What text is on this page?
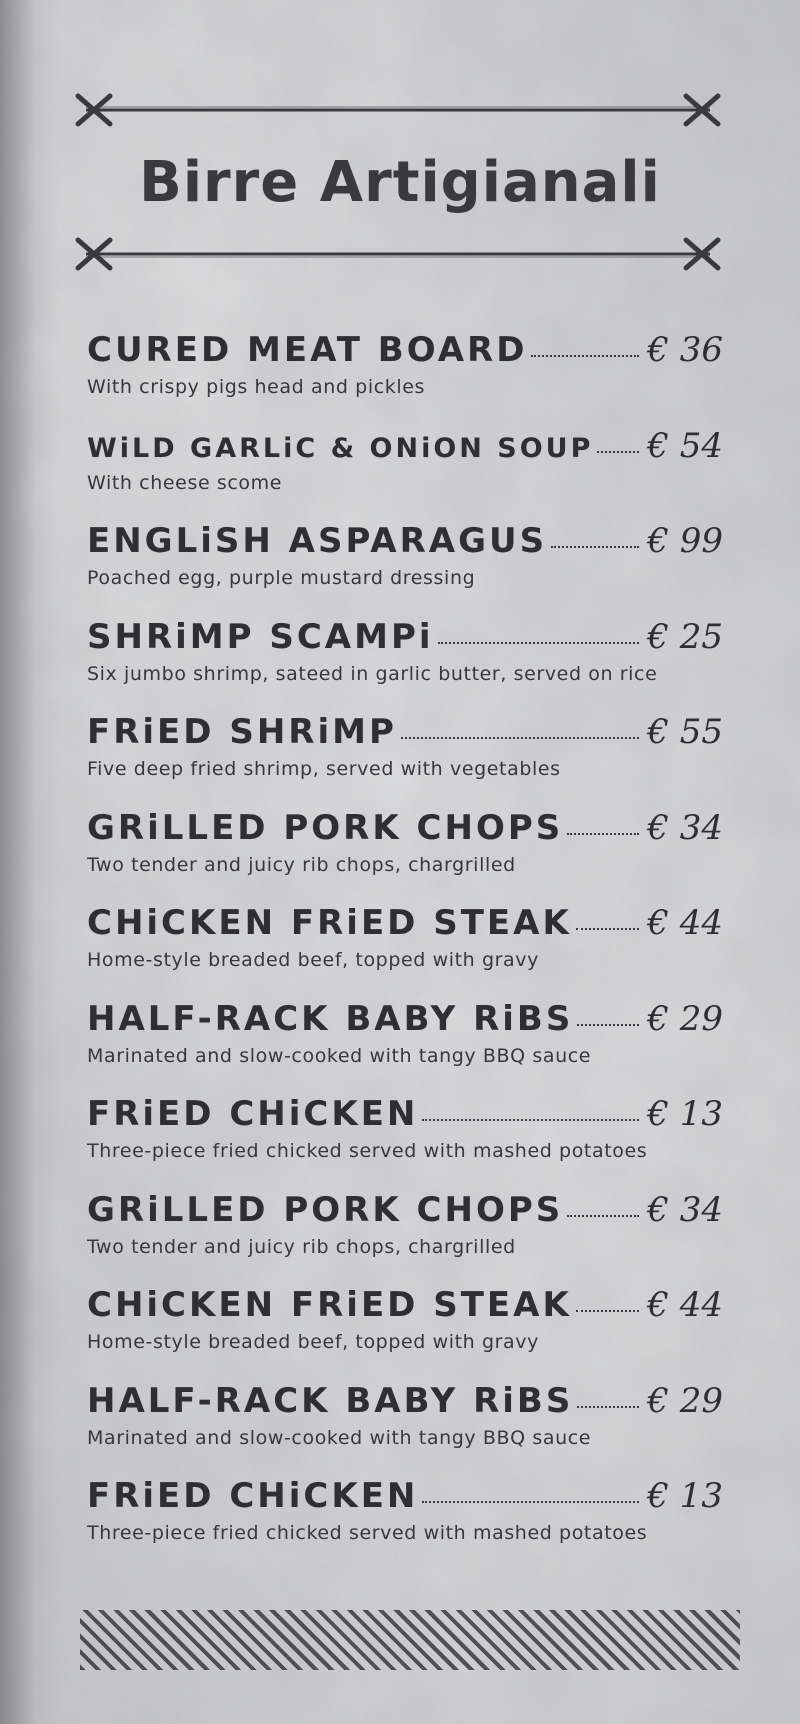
Birre Artigianali
CURED MEAT BOARD	€ 36
With crispy pigs head and pickles
WiLD GARLiC & ONiON SOUP € 54
With cheese scome
ENGLiSH ASPARAGUS	€ 99
Poached egg, purple mustard dressing
SHRiMP SCAMPi	€ 25
Six jumbo shrimp, sateed in garlic butter, served on rice
FRiED SHRiMP	€ 55
Five deep fried shrimp, served with vegetables
GRiLLED PORK CHOPS € 34
Two tender and juicy rib chops, chargrilled
CHiCKEN FRiED STEAK € 44
Home-style breaded beef, topped with gravy
HALF-RACK BABY RiBS € 29
Marinated and slow-cooked with tangy BBQ sauce
FRiED CHiCKEN	€ 13
Three-piece fried chicked served with mashed potatoes
GRiLLED PORK CHOPS € 34
Two tender and juicy rib chops, chargrilled
CHiCKEN FRiED STEAK € 44
Home-style breaded beef, topped with gravy
HALF-RACK BABY RiBS € 29
Marinated and slow-cooked with tangy BBQ sauce
FRiED CHiCKEN	€ 13
Three-piece fried chicked served with mashed potatoes
